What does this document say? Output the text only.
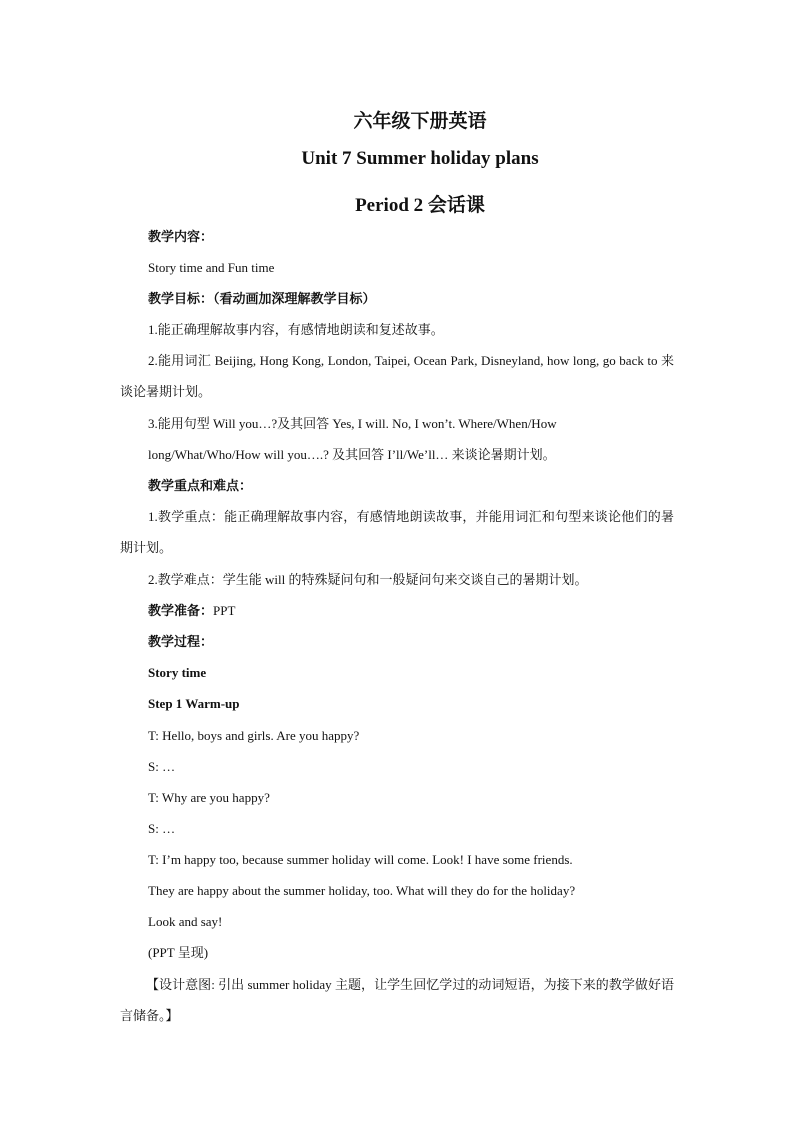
六年级下册英语
Unit 7 Summer holiday plans
Period 2 会话课
教学内容：
Story time and Fun time
教学目标：（看动画加深理解教学目标）
1.能正确理解故事内容，有感情地朗读和复述故事。
2.能用词汇 Beijing, Hong Kong, London, Taipei, Ocean Park, Disneyland, how long, go back to 来谈论暑期计划。
3.能用句型 Will you…?及其回答 Yes, I will. No, I won’t. Where/When/How
long/What/Who/How will you….? 及其回答 I’ll/We’ll… 来谈论暑期计划。
教学重点和难点：
1.教学重点：能正确理解故事内容，有感情地朗读故事，并能用词汇和句型来谈论他们的暑期计划。
2.教学难点：学生能 will 的特殊疑问句和一般疑问句来交谈自己的暑期计划。
教学准备：PPT
教学过程：
Story time
Step 1 Warm-up
T: Hello, boys and girls. Are you happy?
S: …
T: Why are you happy?
S: …
T: I’m happy too, because summer holiday will come. Look! I have some friends.
They are happy about the summer holiday, too. What will they do for the holiday?
Look and say!
(PPT 呈现)
【设计意图: 引出 summer holiday 主题，让学生回忆学过的动词短语，为接下来的教学做好语言储备。】
